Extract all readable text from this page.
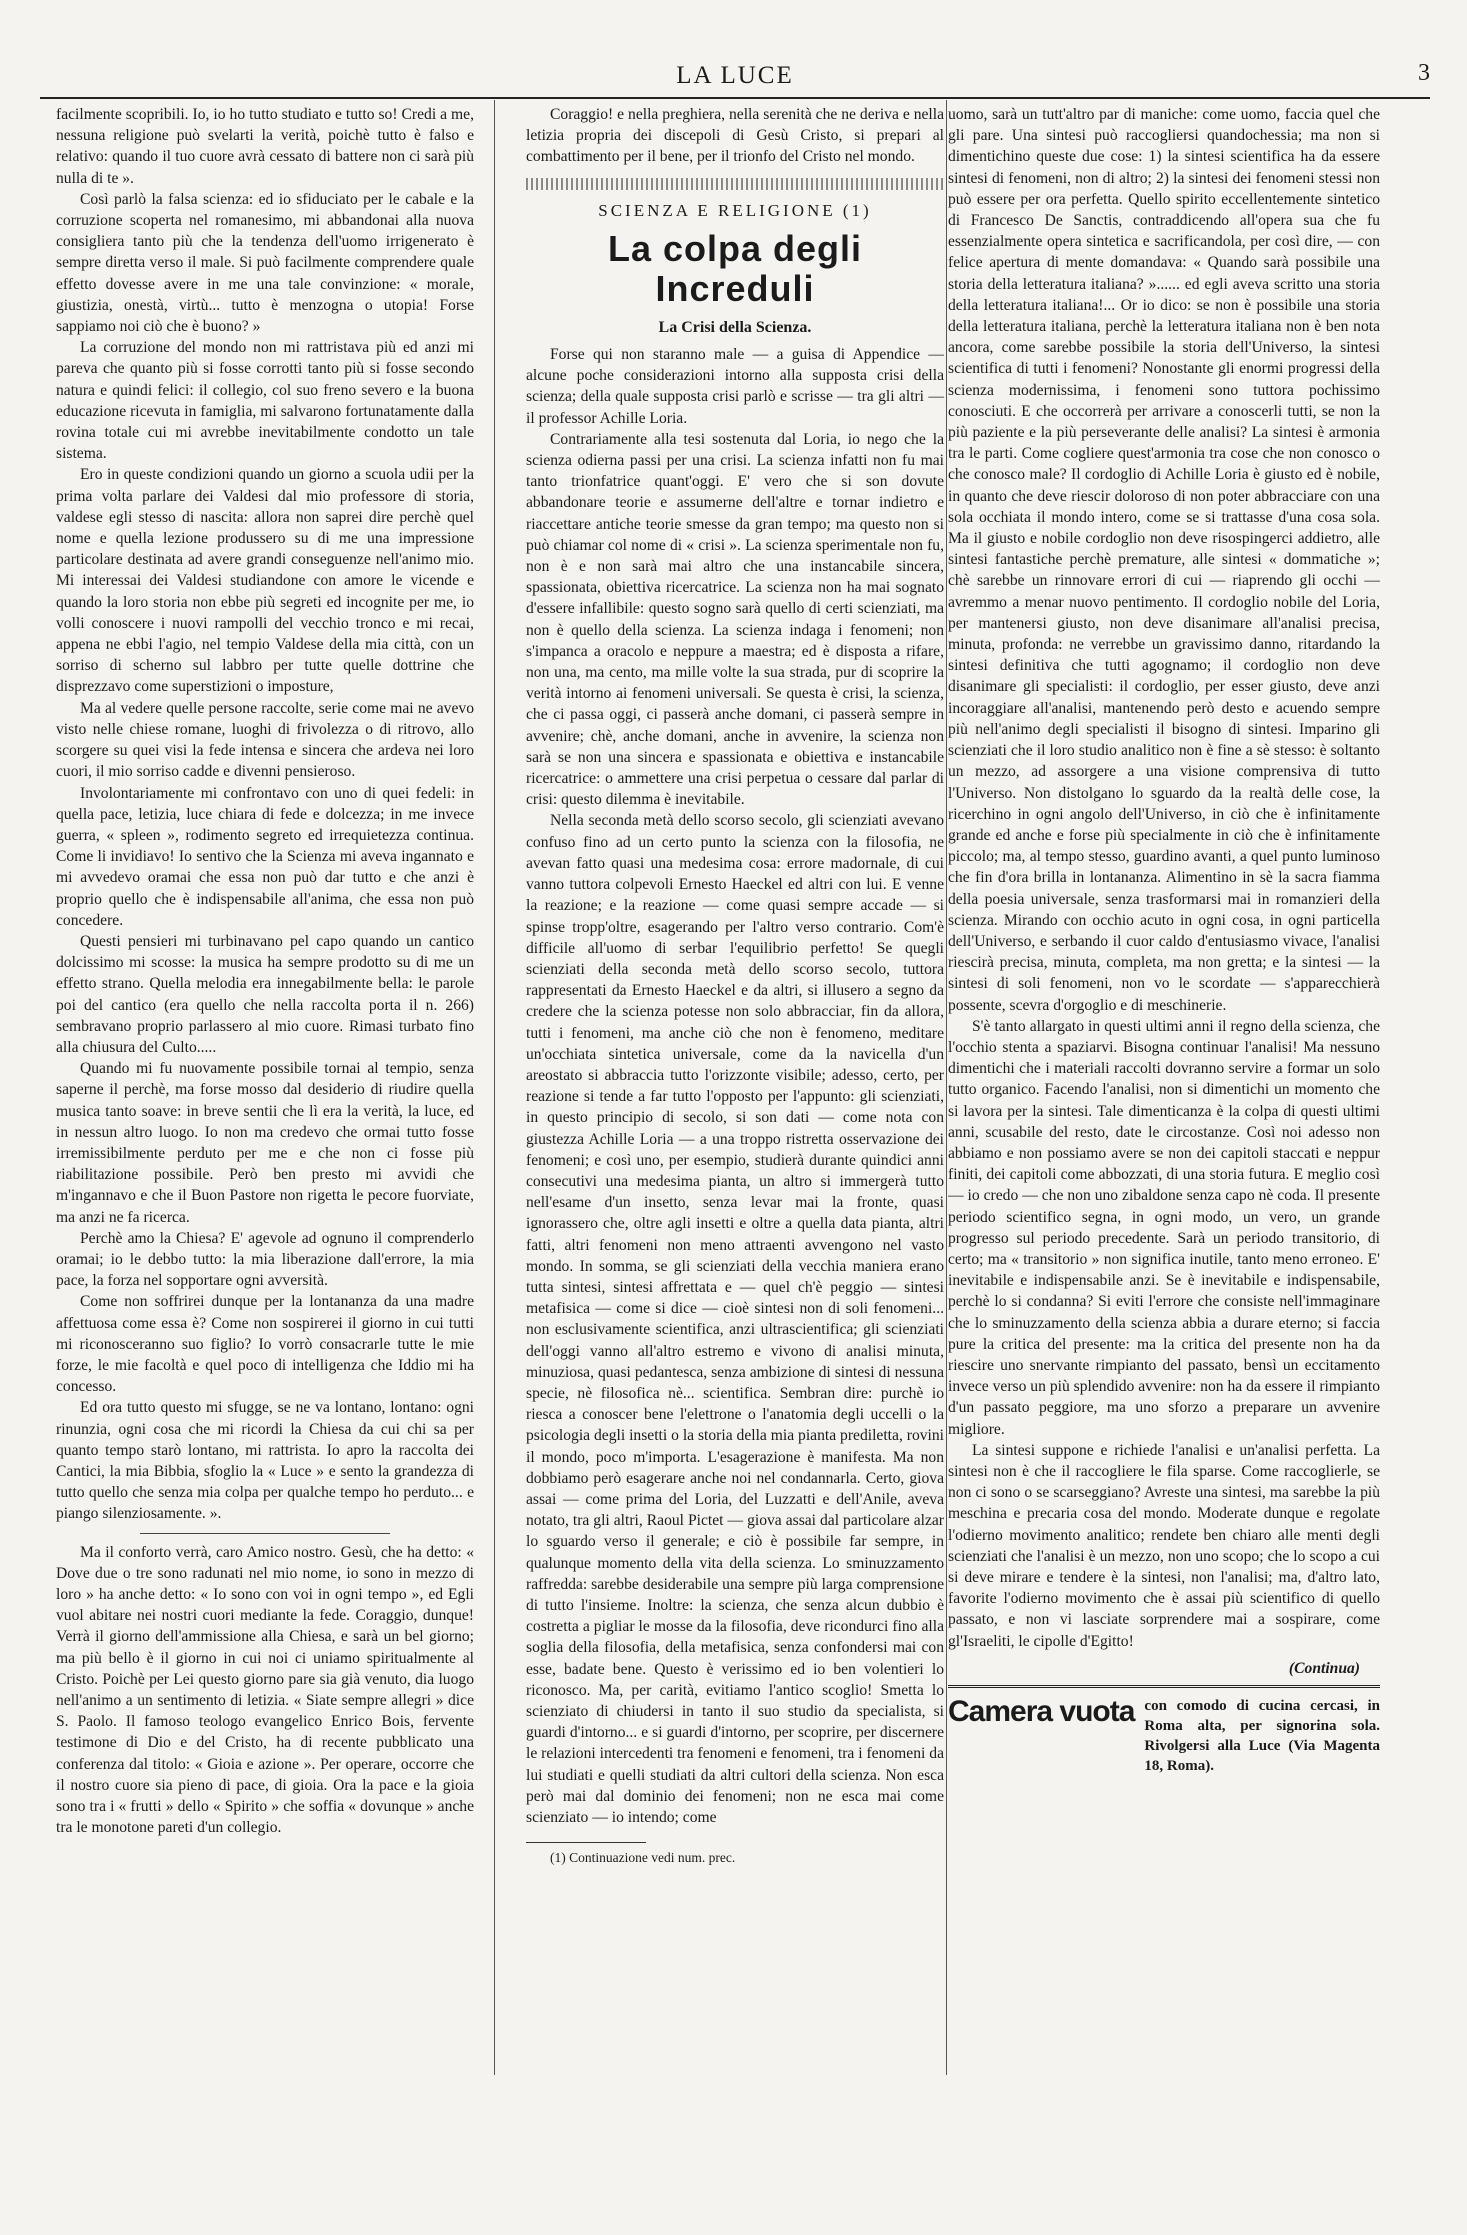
LA LUCE	3

facilmente scopribili. Io, io ho tutto studiato e tutto so! Credi a me, nessuna religione può svelarti la verità, poichè tutto è falso e relativo: quando il tuo cuore avrà cessato di battere non ci sarà più nulla di te ».

Così parlò la falsa scienza: ed io sfiduciato per le cabale e la corruzione scoperta nel romanesimo, mi abbandonai alla nuova consigliera tanto più che la tendenza dell'uomo irrigenerato è sempre diretta verso il male. Si può facilmente comprendere quale effetto dovesse avere in me una tale convinzione: « morale, giustizia, onestà, virtù... tutto è menzogna o utopia! Forse sappiamo noi ciò che è buono? »

La corruzione del mondo non mi rattristava più ed anzi mi pareva che quanto più si fosse corrotti tanto più si fosse secondo natura e quindi felici: il collegio, col suo freno severo e la buona educazione ricevuta in famiglia, mi salvarono fortunatamente dalla rovina totale cui mi avrebbe inevitabilmente condotto un tale sistema.

Ero in queste condizioni quando un giorno a scuola udii per la prima volta parlare dei Valdesi dal mio professore di storia, valdese egli stesso di nascita: allora non saprei dire perchè quel nome e quella lezione produssero su di me una impressione particolare destinata ad avere grandi conseguenze nell'animo mio. Mi interessai dei Valdesi studiandone con amore le vicende e quando la loro storia non ebbe più segreti ed incognite per me, io volli conoscere i nuovi rampolli del vecchio tronco e mi recai, appena ne ebbi l'agio, nel tempio Valdese della mia città, con un sorriso di scherno sul labbro per tutte quelle dottrine che disprezzavo come superstizioni o imposture,

Ma al vedere quelle persone raccolte, serie come mai ne avevo visto nelle chiese romane, luoghi di frivolezza o di ritrovo, allo scorgere su quei visi la fede intensa e sincera che ardeva nei loro cuori, il mio sorriso cadde e divenni pensieroso.

Involontariamente mi confrontavo con uno di quei fedeli: in quella pace, letizia, luce chiara di fede e dolcezza; in me invece guerra, « spleen », rodimento segreto ed irrequietezza continua. Come li invidiavo! Io sentivo che la Scienza mi aveva ingannato e mi avvedevo oramai che essa non può dar tutto e che anzi è proprio quello che è indispensabile all'anima, che essa non può concedere.

Questi pensieri mi turbinavano pel capo quando un cantico dolcissimo mi scosse: la musica ha sempre prodotto su di me un effetto strano. Quella melodia era innegabilmente bella: le parole poi del cantico (era quello che nella raccolta porta il n. 266) sembravano proprio parlassero al mio cuore. Rimasi turbato fino alla chiusura del Culto.....

Quando mi fu nuovamente possibile tornai al tempio, senza saperne il perchè, ma forse mosso dal desiderio di riudire quella musica tanto soave: in breve sentii che lì era la verità, la luce, ed in nessun altro luogo. Io non ma credevo che ormai tutto fosse irremissibilmente perduto per me e che non ci fosse più riabilitazione possibile. Però ben presto mi avvidi che m'ingannavo e che il Buon Pastore non rigetta le pecore fuorviate, ma anzi ne fa ricerca.

Perchè amo la Chiesa? E' agevole ad ognuno il comprenderlo oramai; io le debbo tutto: la mia liberazione dall'errore, la mia pace, la forza nel sopportare ogni avversità.

Come non soffrirei dunque per la lontananza da una madre affettuosa come essa è? Come non sospirerei il giorno in cui tutti mi riconosceranno suo figlio? Io vorrò consacrarle tutte le mie forze, le mie facoltà e quel poco di intelligenza che Iddio mi ha concesso.

Ed ora tutto questo mi sfugge, se ne va lontano, lontano: ogni rinunzia, ogni cosa che mi ricordi la Chiesa da cui chi sa per quanto tempo starò lontano, mi rattrista. Io apro la raccolta dei Cantici, la mia Bibbia, sfoglio la « Luce » e sento la grandezza di tutto quello che senza mia colpa per qualche tempo ho perduto... e piango silenziosamente. ».

Ma il conforto verrà, caro Amico nostro. Gesù, che ha detto: « Dove due o tre sono radunati nel mio nome, io sono in mezzo di loro » ha anche detto: « Io sono con voi in ogni tempo », ed Egli vuol abitare nei nostri cuori mediante la fede. Coraggio, dunque! Verrà il giorno dell'ammissione alla Chiesa, e sarà un bel giorno; ma più bello è il giorno in cui noi ci uniamo spiritualmente al Cristo. Poichè per Lei questo giorno pare sia già venuto, dia luogo nell'animo a un sentimento di letizia. « Siate sempre allegri » dice S. Paolo. Il famoso teologo evangelico Enrico Bois, fervente testimone di Dio e del Cristo, ha di recente pubblicato una conferenza dal titolo: « Gioia e azione ». Per operare, occorre che il nostro cuore sia pieno di pace, di gioia. Ora la pace e la gioia sono tra i « frutti » dello « Spirito » che soffia « dovunque » anche tra le monotone pareti d'un collegio.

Coraggio! e nella preghiera, nella serenità che ne deriva e nella letizia propria dei discepoli di Gesù Cristo, si prepari al combattimento per il bene, per il trionfo del Cristo nel mondo.

SCIENZA E RELIGIONE (1)
La colpa degli Increduli
La Crisi della Scienza.

Forse qui non staranno male — a guisa di Appendice — alcune poche considerazioni intorno alla supposta crisi della scienza; della quale supposta crisi parlò e scrisse — tra gli altri — il professor Achille Loria.

Contrariamente alla tesi sostenuta dal Loria, io nego che la scienza odierna passi per una crisi. La scienza infatti non fu mai tanto trionfatrice quant'oggi. E' vero che si son dovute abbandonare teorie e assumerne dell'altre e tornar indietro e riaccettare antiche teorie smesse da gran tempo; ma questo non si può chiamar col nome di « crisi ». La scienza sperimentale non fu, non è e non sarà mai altro che una instancabile sincera, spassionata, obiettiva ricercatrice. La scienza non ha mai sognato d'essere infallibile: questo sogno sarà quello di certi scienziati, ma non è quello della scienza. La scienza indaga i fenomeni; non s'impanca a oracolo e neppure a maestra; ed è disposta a rifare, non una, ma cento, ma mille volte la sua strada, pur di scoprire la verità intorno ai fenomeni universali. Se questa è crisi, la scienza, che ci passa oggi, ci passerà anche domani, ci passerà sempre in avvenire; chè, anche domani, anche in avvenire, la scienza non sarà se non una sincera e spassionata e obiettiva e instancabile ricercatrice: o ammettere una crisi perpetua o cessare dal parlar di crisi: questo dilemma è inevitabile.

Nella seconda metà dello scorso secolo, gli scienziati avevano confuso fino ad un certo punto la scienza con la filosofia, ne avevan fatto quasi una medesima cosa: errore madornale, di cui vanno tuttora colpevoli Ernesto Haeckel ed altri con lui. E venne la reazione; e la reazione — come quasi sempre accade — si spinse tropp'oltre, esagerando per l'altro verso contrario. Com'è difficile all'uomo di serbar l'equilibrio perfetto! Se quegli scienziati della seconda metà dello scorso secolo, tuttora rappresentati da Ernesto Haeckel e da altri, si illusero a segno da credere che la scienza potesse non solo abbracciar, fin da allora, tutti i fenomeni, ma anche ciò che non è fenomeno, meditare un'occhiata sintetica universale, come da la navicella d'un areostato si abbraccia tutto l'orizzonte visibile; adesso, certo, per reazione si tende a far tutto l'opposto per l'appunto: gli scienziati, in questo principio di secolo, si son dati — come nota con giustezza Achille Loria — a una troppo ristretta osservazione dei fenomeni; e così uno, per esempio, studierà durante quindici anni consecutivi una medesima pianta, un altro si immergerà tutto nell'esame d'un insetto, senza levar mai la fronte, quasi ignorassero che, oltre agli insetti e oltre a quella data pianta, altri fatti, altri fenomeni non meno attraenti avvengono nel vasto mondo. In somma, se gli scienziati della vecchia maniera erano tutta sintesi, sintesi affrettata e — quel ch'è peggio — sintesi metafisica — come si dice — cioè sintesi non di soli fenomeni... non esclusivamente scientifica, anzi ultrascientifica; gli scienziati dell'oggi vanno all'altro estremo e vivono di analisi minuta, minuziosa, quasi pedantesca, senza ambizione di sintesi di nessuna specie, nè filosofica nè... scientifica. Sembran dire: purchè io riesca a conoscer bene l'elettrone o l'anatomia degli uccelli o la psicologia degli insetti o la storia della mia pianta prediletta, rovini il mondo, poco m'importa. L'esagerazione è manifesta. Ma non dobbiamo però esagerare anche noi nel condannarla. Certo, giova assai — come prima del Loria, del Luzzatti e dell'Anile, aveva notato, tra gli altri, Raoul Pictet — giova assai dal particolare alzar lo sguardo verso il generale; e ciò è possibile far sempre, in qualunque momento della vita della scienza. Lo sminuzzamento raffredda: sarebbe desiderabile una sempre più larga comprensione di tutto l'insieme. Inoltre: la scienza, che senza alcun dubbio è costretta a pigliar le mosse da la filosofia, deve ricondurci fino alla soglia della filosofia, della metafisica, senza confondersi mai con esse, badate bene. Questo è verissimo ed io ben volentieri lo riconosco. Ma, per carità, evitiamo l'antico scoglio! Smetta lo scienziato di chiudersi in tanto il suo studio da specialista, si guardi d'intorno... e si guardi d'intorno, per scoprire, per discernere le relazioni intercedenti tra fenomeni e fenomeni, tra i fenomeni da lui studiati e quelli studiati da altri cultori della scienza. Non esca però mai dal dominio dei fenomeni; non ne esca mai come scienziato — io intendo; come

(1) Continuazione vedi num. prec.

uomo, sarà un tutt'altro par di maniche: come uomo, faccia quel che gli pare. Una sintesi può raccogliersi quandochessia; ma non si dimentichino queste due cose: 1) la sintesi scientifica ha da essere sintesi di fenomeni, non di altro; 2) la sintesi dei fenomeni stessi non può essere per ora perfetta. Quello spirito eccellentemente sintetico di Francesco De Sanctis, contraddicendo all'opera sua che fu essenzialmente opera sintetica e sacrificandola, per così dire, — con felice apertura di mente domandava: « Quando sarà possibile una storia della letteratura italiana? »...... ed egli aveva scritto una storia della letteratura italiana!... Or io dico: se non è possibile una storia della letteratura italiana, perchè la letteratura italiana non è ben nota ancora, come sarebbe possibile la storia dell'Universo, la sintesi scientifica di tutti i fenomeni? Nonostante gli enormi progressi della scienza modernissima, i fenomeni sono tuttora pochissimo conosciuti. E che occorrerà per arrivare a conoscerli tutti, se non la più paziente e la più perseverante delle analisi? La sintesi è armonia tra le parti. Come cogliere quest'armonia tra cose che non conosco o che conosco male? Il cordoglio di Achille Loria è giusto ed è nobile, in quanto che deve riescir doloroso di non poter abbracciare con una sola occhiata il mondo intero, come se si trattasse d'una cosa sola. Ma il giusto e nobile cordoglio non deve risospingerci addietro, alle sintesi fantastiche perchè premature, alle sintesi « dommatiche »; chè sarebbe un rinnovare errori di cui — riaprendo gli occhi — avremmo a menar nuovo pentimento. Il cordoglio nobile del Loria, per mantenersi giusto, non deve disanimare all'analisi precisa, minuta, profonda: ne verrebbe un gravissimo danno, ritardando la sintesi definitiva che tutti agognamo; il cordoglio non deve disanimare gli specialisti: il cordoglio, per esser giusto, deve anzi incoraggiare all'analisi, mantenendo però desto e acuendo sempre più nell'animo degli specialisti il bisogno di sintesi. Imparino gli scienziati che il loro studio analitico non è fine a sè stesso: è soltanto un mezzo, ad assorgere a una visione comprensiva di tutto l'Universo. Non distolgano lo sguardo da la realtà delle cose, la ricerchino in ogni angolo dell'Universo, in ciò che è infinitamente grande ed anche e forse più specialmente in ciò che è infinitamente piccolo; ma, al tempo stesso, guardino avanti, a quel punto luminoso che fin d'ora brilla in lontananza. Alimentino in sè la sacra fiamma della poesia universale, senza trasformarsi mai in romanzieri della scienza. Mirando con occhio acuto in ogni cosa, in ogni particella dell'Universo, e serbando il cuor caldo d'entusiasmo vivace, l'analisi riescirà precisa, minuta, completa, ma non gretta; e la sintesi — la sintesi di soli fenomeni, non vo le scordate — s'apparecchierà possente, scevra d'orgoglio e di meschinerie.

S'è tanto allargato in questi ultimi anni il regno della scienza, che l'occhio stenta a spaziarvi. Bisogna continuar l'analisi! Ma nessuno dimentichi che i materiali raccolti dovranno servire a formar un solo tutto organico. Facendo l'analisi, non si dimentichi un momento che si lavora per la sintesi. Tale dimenticanza è la colpa di questi ultimi anni, scusabile del resto, date le circostanze. Così noi adesso non abbiamo e non possiamo avere se non dei capitoli staccati e neppur finiti, dei capitoli come abbozzati, di una storia futura. E meglio così — io credo — che non uno zibaldone senza capo nè coda. Il presente periodo scientifico segna, in ogni modo, un vero, un grande progresso sul periodo precedente. Sarà un periodo transitorio, di certo; ma « transitorio » non significa inutile, tanto meno erroneo. E' inevitabile e indispensabile anzi. Se è inevitabile e indispensabile, perchè lo si condanna? Si eviti l'errore che consiste nell'immaginare che lo sminuzzamento della scienza abbia a durare eterno; si faccia pure la critica del presente: ma la critica del presente non ha da riescire uno snervante rimpianto del passato, bensì un eccitamento invece verso un più splendido avvenire: non ha da essere il rimpianto d'un passato peggiore, ma uno sforzo a preparare un avvenire migliore.

La sintesi suppone e richiede l'analisi e un'analisi perfetta. La sintesi non è che il raccogliere le fila sparse. Come raccoglierle, se non ci sono o se scarseggiano? Avreste una sintesi, ma sarebbe la più meschina e precaria cosa del mondo. Moderate dunque e regolate l'odierno movimento analitico; rendete ben chiaro alle menti degli scienziati che l'analisi è un mezzo, non uno scopo; che lo scopo a cui si deve mirare e tendere è la sintesi, non l'analisi; ma, d'altro lato, favorite l'odierno movimento che è assai più scientifico di quello passato, e non vi lasciate sorprendere mai a sospirare, come gl'Israeliti, le cipolle d'Egitto!

(Continua)
Camera vuota con comodo di cucina cercasi, in Roma alta, per signorina sola. Rivolgersi alla Luce (Via Magenta 18, Roma).
